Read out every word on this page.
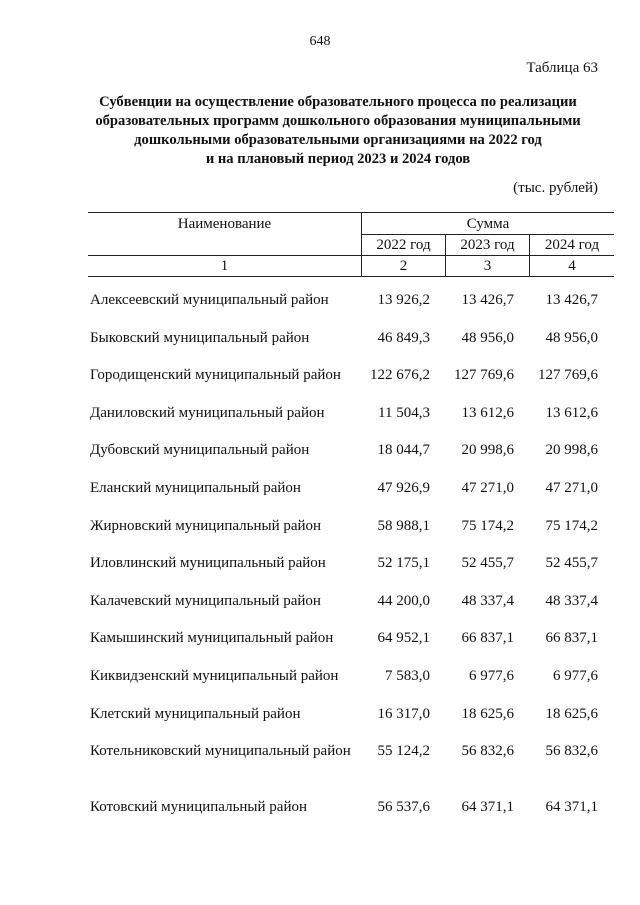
648
Таблица 63
Субвенции на осуществление образовательного процесса по реализации
образовательных программ дошкольного образования муниципальными
дошкольными образовательными организациями на 2022 год
и на плановый период 2023 и 2024 годов
(тыс. рублей)
Наименование	Сумма
2022 год	2023 год	2024 год
1	2	3	4
Алексеевский муниципальный район	13 926,2	13 426,7	13 426,7
Быковский муниципальный район	46 849,3	48 956,0	48 956,0
Городищенский муниципальный район	122 676,2	127 769,6	127 769,6
Даниловский муниципальный район	11 504,3	13 612,6	13 612,6
Дубовский муниципальный район	18 044,7	20 998,6	20 998,6
Еланский муниципальный район	47 926,9	47 271,0	47 271,0
Жирновский муниципальный район	58 988,1	75 174,2	75 174,2
Иловлинский муниципальный район	52 175,1	52 455,7	52 455,7
Калачевский муниципальный район	44 200,0	48 337,4	48 337,4
Камышинский муниципальный район	64 952,1	66 837,1	66 837,1
Киквидзенский муниципальный район	7 583,0	6 977,6	6 977,6
Клетский муниципальный район	16 317,0	18 625,6	18 625,6
Котельниковский муниципальный район	55 124,2	56 832,6	56 832,6
Котовский муниципальный район	56 537,6	64 371,1	64 371,1
